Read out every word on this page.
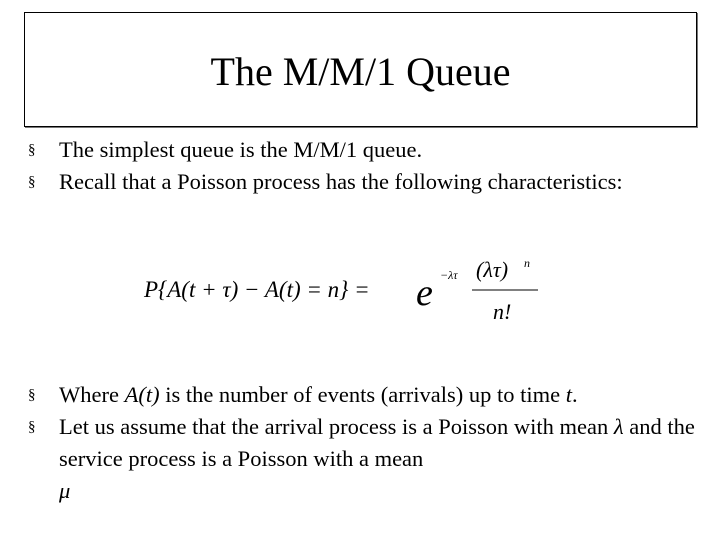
The M/M/1 Queue
§ The simplest queue is the M/M/1 queue.
§ Recall that a Poisson process has the following characteristics:
§ Where A(t) is the number of events (arrivals) up to time t.
§ Let us assume that the arrival process is a Poisson with mean λ and the service process is a Poisson with a mean
μ
P{A(t + τ) − A(t) = n} = e −λτ (λτ) n
n!
